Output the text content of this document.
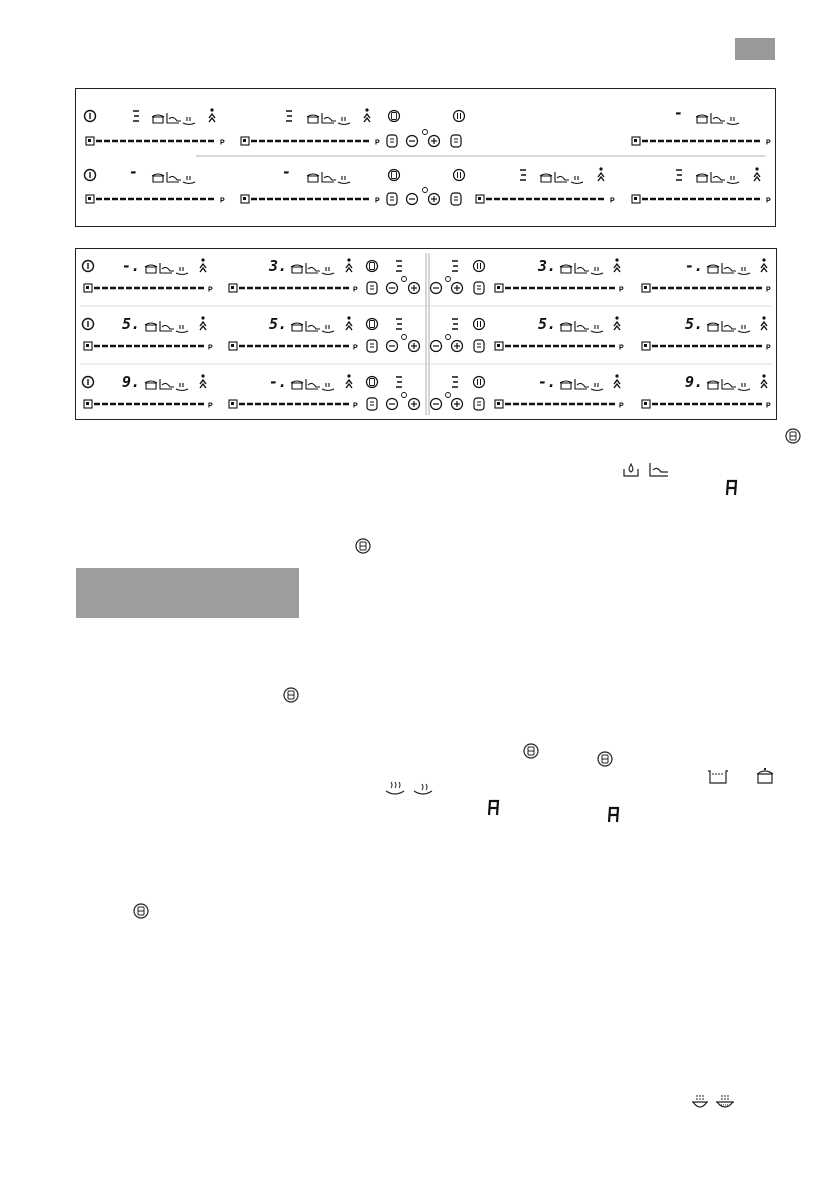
-
P	P	P
-	-
P	P	P	P
-.	3.	3.	-.
P	P	P	P
5.	5.	5.	5.
P	P	P	P
9.	-.	-.	9.
P	P	P	P
